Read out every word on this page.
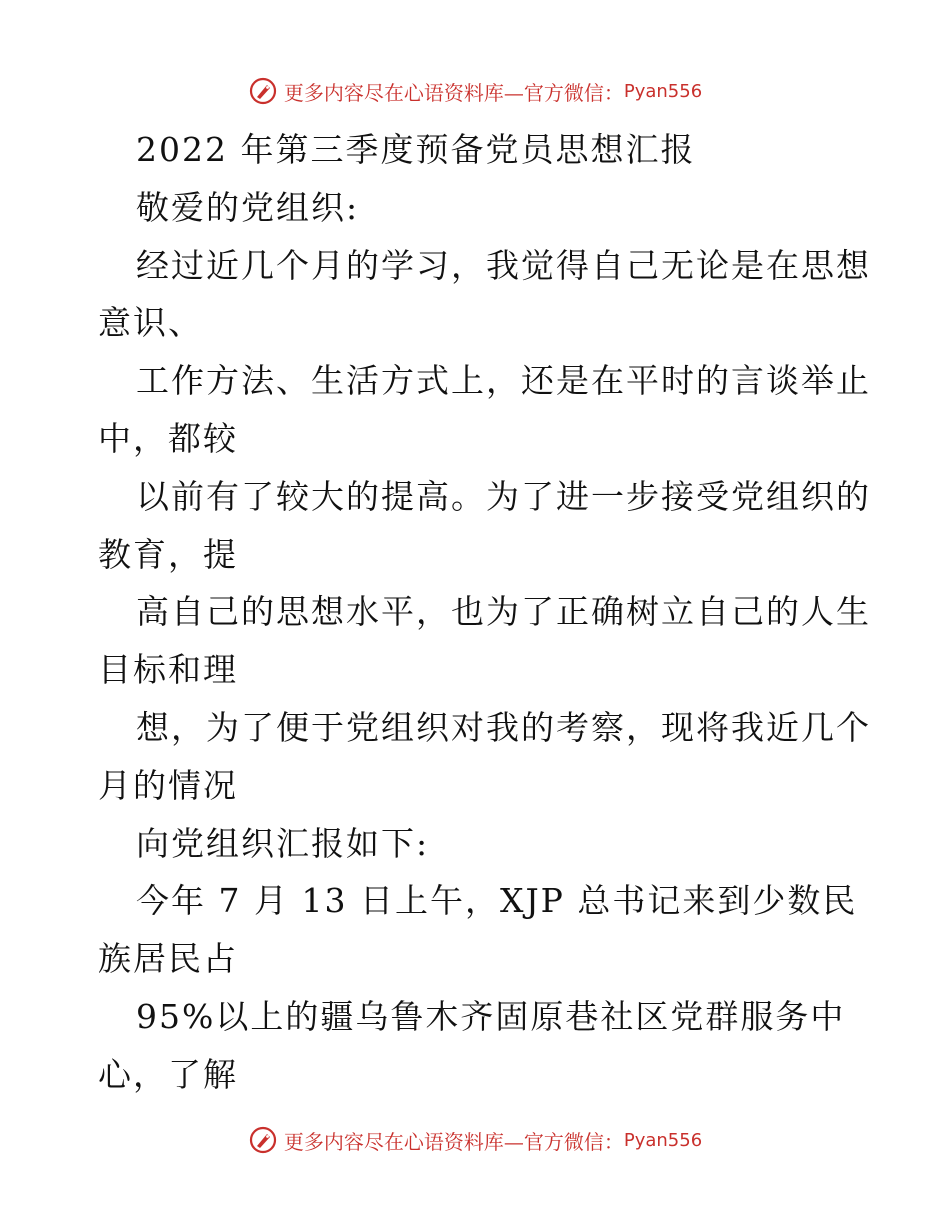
更多内容尽在心语资料库—官方微信： Pyan556
2022 年第三季度预备党员思想汇报
敬爱的党组织:
经过近几个月的学习，我觉得自己无论是在思想
意识、
工作方法、生活方式上，还是在平时的言谈举止
中，都较
以前有了较大的提高。为了进一步接受党组织的
教育，提
高自己的思想水平，也为了正确树立自己的人生
目标和理
想，为了便于党组织对我的考察，现将我近几个
月的情况
向党组织汇报如下:
今年 7 月 13 日上午，XJP 总书记来到少数民
族居民占
95%以上的疆乌鲁木齐固原巷社区党群服务中
心，了解
更多内容尽在心语资料库—官方微信： Pyan556
